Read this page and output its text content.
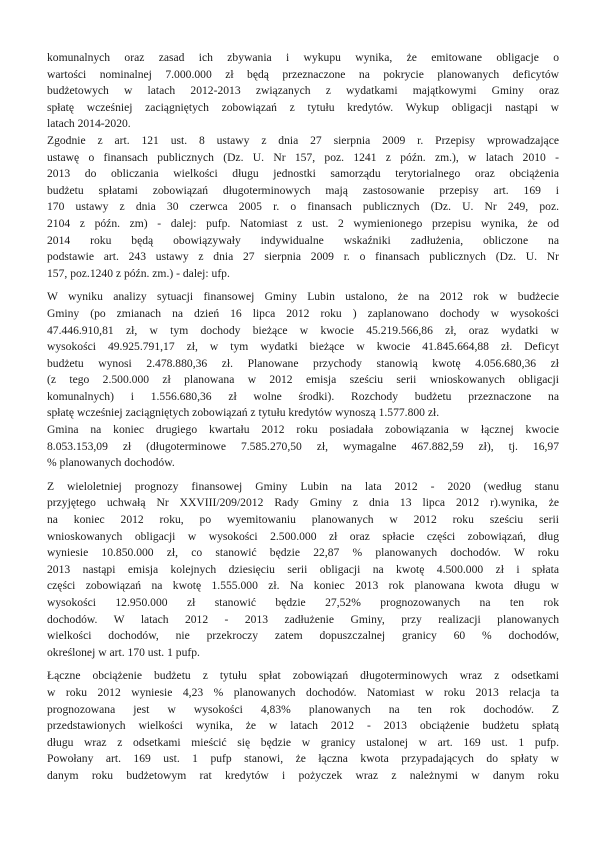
komunalnych oraz zasad ich zbywania i wykupu wynika, że emitowane obligacje o
wartości nominalnej 7.000.000 zł będą przeznaczone na pokrycie planowanych deficytów
budżetowych w latach 2012-2013 związanych z wydatkami majątkowymi Gminy oraz
spłatę wcześniej zaciągniętych zobowiązań z tytułu kredytów. Wykup obligacji nastąpi w
latach 2014-2020.
Zgodnie z art. 121 ust. 8 ustawy z dnia 27 sierpnia 2009 r. Przepisy wprowadzające
ustawę o finansach publicznych (Dz. U. Nr 157, poz. 1241 z późn. zm.), w latach 2010 -
2013 do obliczania wielkości długu jednostki samorządu terytorialnego oraz obciążenia
budżetu spłatami zobowiązań długoterminowych mają zastosowanie przepisy art. 169 i
170 ustawy z dnia 30 czerwca 2005 r. o finansach publicznych (Dz. U. Nr 249, poz.
2104 z późn. zm) - dalej: pufp. Natomiast z ust. 2 wymienionego przepisu wynika, że od
2014 roku będą obowiązywały indywidualne wskaźniki zadłużenia, obliczone na
podstawie art. 243 ustawy z dnia 27 sierpnia 2009 r. o finansach publicznych (Dz. U. Nr
157, poz.1240 z późn. zm.) - dalej: ufp.
W wyniku analizy sytuacji finansowej Gminy Lubin ustalono, że na 2012 rok w budżecie
Gminy (po zmianach na dzień 16 lipca 2012 roku ) zaplanowano dochody w wysokości
47.446.910,81 zł, w tym dochody bieżące w kwocie 45.219.566,86 zł, oraz wydatki w
wysokości 49.925.791,17 zł, w tym wydatki bieżące w kwocie 41.845.664,88 zł. Deficyt
budżetu wynosi 2.478.880,36 zł. Planowane przychody stanowią kwotę 4.056.680,36 zł
(z tego 2.500.000 zł planowana w 2012 emisja sześciu serii wnioskowanych obligacji
komunalnych) i 1.556.680,36 zł wolne środki). Rozchody budżetu przeznaczone na
spłatę wcześniej zaciągniętych zobowiązań z tytułu kredytów wynoszą 1.577.800 zł.
Gmina na koniec drugiego kwartału 2012 roku posiadała zobowiązania w łącznej kwocie
8.053.153,09 zł (długoterminowe 7.585.270,50 zł, wymagalne 467.882,59 zł), tj. 16,97
% planowanych dochodów.
Z wieloletniej prognozy finansowej Gminy Lubin na lata 2012 - 2020 (według stanu
przyjętego uchwałą Nr XXVIII/209/2012 Rady Gminy z dnia 13 lipca 2012 r).wynika, że
na koniec 2012 roku, po wyemitowaniu planowanych w 2012 roku sześciu serii
wnioskowanych obligacji w wysokości 2.500.000 zł oraz spłacie części zobowiązań, dług
wyniesie 10.850.000 zł, co stanowić będzie 22,87 % planowanych dochodów. W roku
2013 nastąpi emisja kolejnych dziesięciu serii obligacji na kwotę 4.500.000 zł i spłata
części zobowiązań na kwotę 1.555.000 zł. Na koniec 2013 rok planowana kwota długu w
wysokości 12.950.000 zł stanowić będzie 27,52% prognozowanych na ten rok
dochodów. W latach 2012 - 2013 zadłużenie Gminy, przy realizacji planowanych
wielkości dochodów, nie przekroczy zatem dopuszczalnej granicy 60 % dochodów,
określonej w art. 170 ust. 1 pufp.
Łączne obciążenie budżetu z tytułu spłat zobowiązań długoterminowych wraz z odsetkami
w roku 2012 wyniesie 4,23 % planowanych dochodów. Natomiast w roku 2013 relacja ta
prognozowana jest w wysokości 4,83% planowanych na ten rok dochodów. Z
przedstawionych wielkości wynika, że w latach 2012 - 2013 obciążenie budżetu spłatą
długu wraz z odsetkami mieścić się będzie w granicy ustalonej w art. 169 ust. 1 pufp.
Powołany art. 169 ust. 1 pufp stanowi, że łączna kwota przypadających do spłaty w
danym roku budżetowym rat kredytów i pożyczek wraz z należnymi w danym roku
